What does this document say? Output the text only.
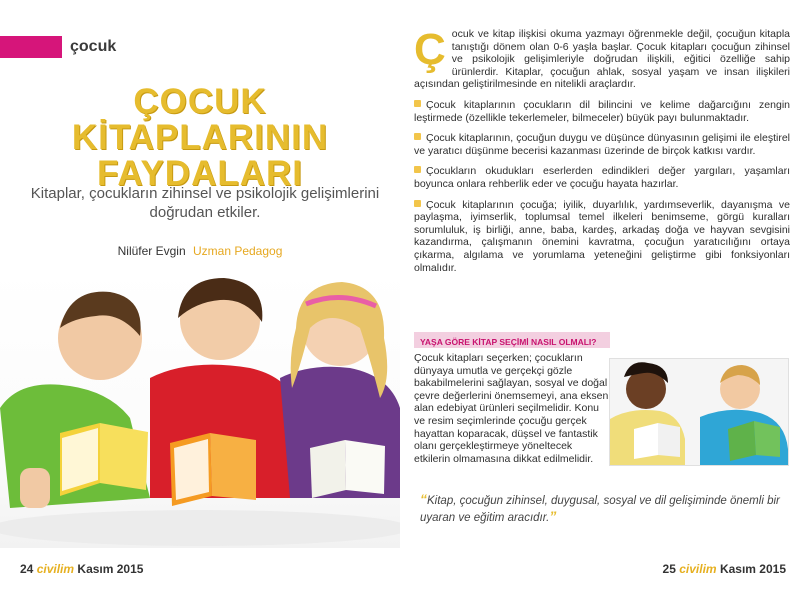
çocuk
ÇOCUK KİTAPLARININ
FAYDALARI
Kitaplar, çocukların zihinsel ve psikolojik gelişimlerini doğrudan etkiler.
Nilüfer Evgin Uzman Pedagog
24 civilim Kasım 2015

Çocuk ve kitap ilişkisi okuma yazmayı öğrenmekle değil, çocuğun kitapla tanıştığı dönem olan 0-6 yaşla başlar. Çocuk kitapları çocuğun zihinsel ve psikolojik gelişimleriyle doğrudan ilişkili, eğitici özelliğe sahip ürünlerdir. Kitaplar, çocuğun ahlak, sosyal yaşam ve insan ilişkileri açısından geliştirilmesinde en nitelikli araçlardır.

Çocuk kitaplarının çocukların dil bilincini ve kelime dağarcığını zengin leştirmede (özellikle tekerlemeler, bilmeceler) büyük payı bulunmaktadır.

Çocuk kitaplarının, çocuğun duygu ve düşünce dünyasının gelişimi ile eleştirel ve yaratıcı düşünme becerisi kazanması üzerinde de birçok katkısı vardır.

Çocukların okudukları eserlerden edindikleri değer yargıları, yaşamları boyunca onlara rehberlik eder ve çocuğu hayata hazırlar.

Çocuk kitaplarının çocuğa; iyilik, duyarlılık, yardımseverlik, dayanışma ve paylaşma, iyimserlik, toplumsal temel ilkeleri benimseme, görgü kuralları sorumluluk, iş birliği, anne, baba, kardeş, arkadaş doğa ve hayvan sevgisini kazandırma, çalışmanın önemini kavratma, çocuğun yaratıcılığını ortaya çıkarma, algılama ve yorumlama yeteneğini geliştirme gibi fonksiyonları olmalıdır.

YAŞA GÖRE KİTAP SEÇİMİ NASIL OLMALI?
Çocuk kitapları seçerken; çocukların dünyaya umutla ve gerçekçi gözle bakabilmelerini sağlayan, sosyal ve doğal çevre değerlerini önemsemeyi, ana eksen alan edebiyat ürünleri seçilmelidir. Konu ve resim seçimlerinde çocuğu gerçek hayattan koparacak, düşsel ve fantastik olanı gerçekleştirmeye yöneltecek etkilerin olmamasına dikkat edilmelidir.
“Kitap, çocuğun zihinsel, duygusal, sosyal ve dil gelişiminde önemli bir uyaran ve eğitim aracıdır.”
25 civilim Kasım 2015
